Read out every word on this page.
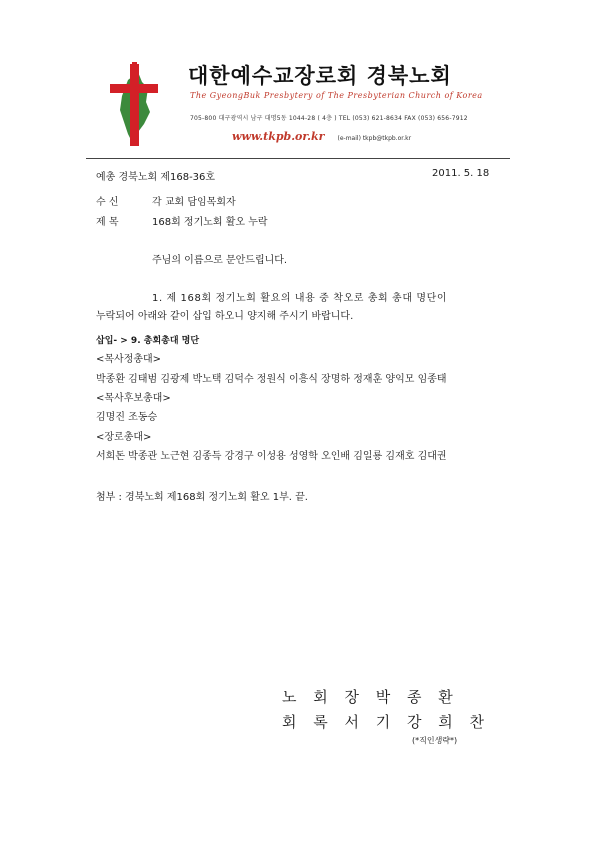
대한예수교장로회 경북노회
The GyeongBuk Presbytery of The Presbyterian Church of Korea
705-800 대구광역시 남구 대명5동 1044-28 ( 4층 ) TEL (053) 621-8634 FAX (053) 656-7912
www.tkpb.or.kr (e-mail) tkpb@tkpb.or.kr
예총 경북노회 제168-36호	2011. 5. 18
수 신	각 교회 담임목회자
제 목	168회 정기노회 활오 누락
주님의 이름으로 문안드립니다.
1. 제 168회 정기노회 활요의 내용 중 착오로 총회 총대 명단이
누락되어 아래와 같이 삽입 하오니 양지해 주시기 바랍니다.
삽입- > 9. 총회총대 명단
<목사정총대>
박종환 김태범 김광제 박노택 김덕수 정원식 이흥식 장명하 정재훈 양익모 임종태
<목사후보총대>
김명진 조동승
<장로총대>
서희돈 박종관 노근현 김종득 강경구 이성용 성영학 오인배 김일룡 김재호 김대권
첨부 : 경북노회 제168회 정기노회 활오 1부. 끝.
노 회 장 박 종 환
회 록 서 기 강 희 찬
(*직인생략*)
